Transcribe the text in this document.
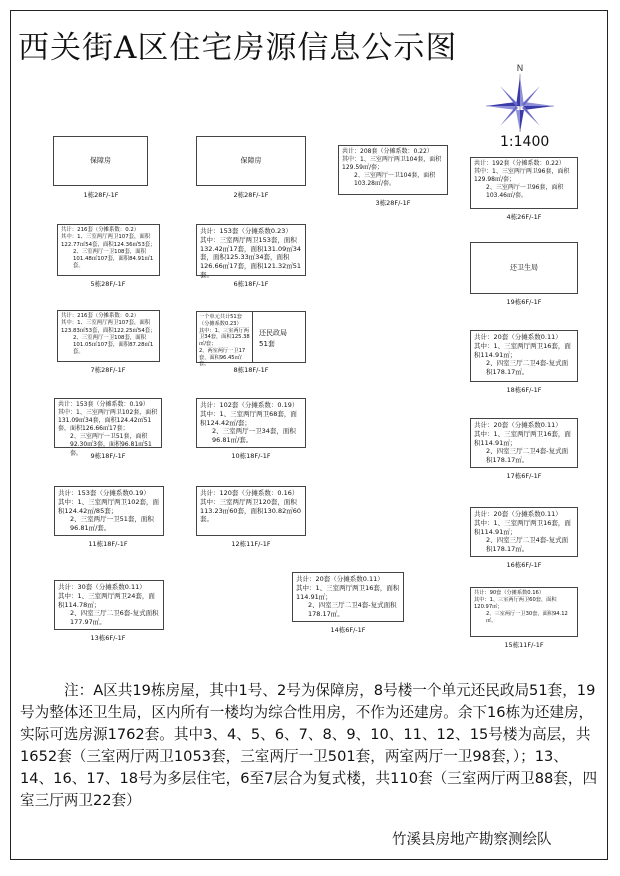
西关街A区住宅房源信息公示图
N
1:1400
保障房
1栋28F/-1F
保障房
2栋28F/-1F

共计：208套（分摊系数：0.22）

其中：1、三室两厅两卫104套，面积129.59㎡/套；

2、三室两厅一卫104套，面积103.28㎡/套。

3栋28F/-1F

共计：192套（分摊系数：0.22）

其中：1、三室两厅两卫96套，面积129.98㎡/套；

2、三室两厅一卫96套，面积103.46㎡/套。

4栋26F/-1F

共计：216套（分摊系数：0.2）

其中：1、三室两厅两卫107套，面积122.77㎡54套，面积124.36㎡53套；

2、三室两厅一卫108套，面积101.48㎡107套，面积84.91㎡1套。

5栋28F/-1F

共计：153套（分摊系数0.23）

其中：三室两厅两卫153套，面积132.42㎡17套，面积131.09㎡34套，面积125.33㎡34套，面积126.66㎡17套，面积121.32㎡51套。

6栋18F/-1F
还卫生局
19栋6F/-1F

共计：216套（分摊系数：0.2）

其中：1、三室两厅两卫107套，面积123.83㎡53套，面积122.25㎡54套；

2、三室两厅一卫108套，面积101.05㎡107套，面积87.28㎡1套。

7栋28F/-1F

一个单元共计51套（分摊系数0.23）

其中：1、三室两厅两卫34套，面积125.38㎡/套；

2、两室两厅一卫17套，面积96.45㎡/套。

还民政局

51套

8栋18F/-1F

共计：20套（分摊系数0.11）

其中：1、三室两厅两卫16套，面积114.91㎡；

2、四室三厅二卫4套-复式面积178.17㎡。

18栋6F/-1F

共计：153套（分摊系数：0.19）

其中：1、三室两厅两卫102套，面积131.09㎡34套，面积124.42㎡51套，面积126.66㎡17套；

2、三室两厅一卫51套，面积92.30㎡3套，面积96.81㎡51套。	9栋18F/-1F

共计：102套（分摊系数：0.19）

其中：1、三室两厅两卫68套，面积124.42㎡/套；

2、三室两厅一卫34套，面积96.81㎡/套。

10栋18F/-1F

共计：20套（分摊系数0.11）

其中：1、三室两厅两卫16套，面积114.91㎡；

2、四室三厅二卫4套-复式面积178.17㎡。

17栋6F/-1F

共计：153套（分摊系数0.19）

其中：1、三室两厅两卫102套，面积124.42㎡/85套；

2、三室两厅一卫51套，面积96.81㎡/套。

11栋18F/-1F

共计：120套（分摊系数：0.16）

其中：三室两厅两卫120套，面积113.23㎡60套，面积130.82㎡60套。

12栋11F/-1F

共计：20套（分摊系数0.11）

其中：1、三室两厅两卫16套，面积114.91㎡；

2、四室三厅二卫4套-复式面积178.17㎡。

16栋6F/-1F

共计：30套（分摊系数0.11）

其中：1、三室两厅两卫24套，面积114.78㎡；

2、四室三厅二卫6套-复式面积177.97㎡。

13栋6F/-1F

共计：20套（分摊系数0.11）

其中：1、三室两厅两卫16套，面积114.91㎡；

2、四室三厅二卫4套-复式面积178.17㎡。

14栋6F/-1F

共计：90套（分摊系数0.16）

其中：1、三室两厅两卫60套，面积120.97㎡；

2、三室两厅一卫30套，面积94.12㎡。

15栋11F/-1F
注：A区共19栋房屋，其中1号、2号为保障房，8号楼一个单元还民政局51套，19号为整体还卫生局，区内所有一楼均为综合性用房，不作为还建房。余下16栋为还建房，实际可选房源1762套。其中3、4、5、6、7、8、9、10、11、12、15号楼为高层，共1652套（三室两厅两卫1053套，三室两厅一卫501套，两室两厅一卫98套，）；13、14、16、17、18号为多层住宅，6至7层合为复式楼，共110套（三室两厅两卫88套，四室三厅两卫22套）
竹溪县房地产勘察测绘队
